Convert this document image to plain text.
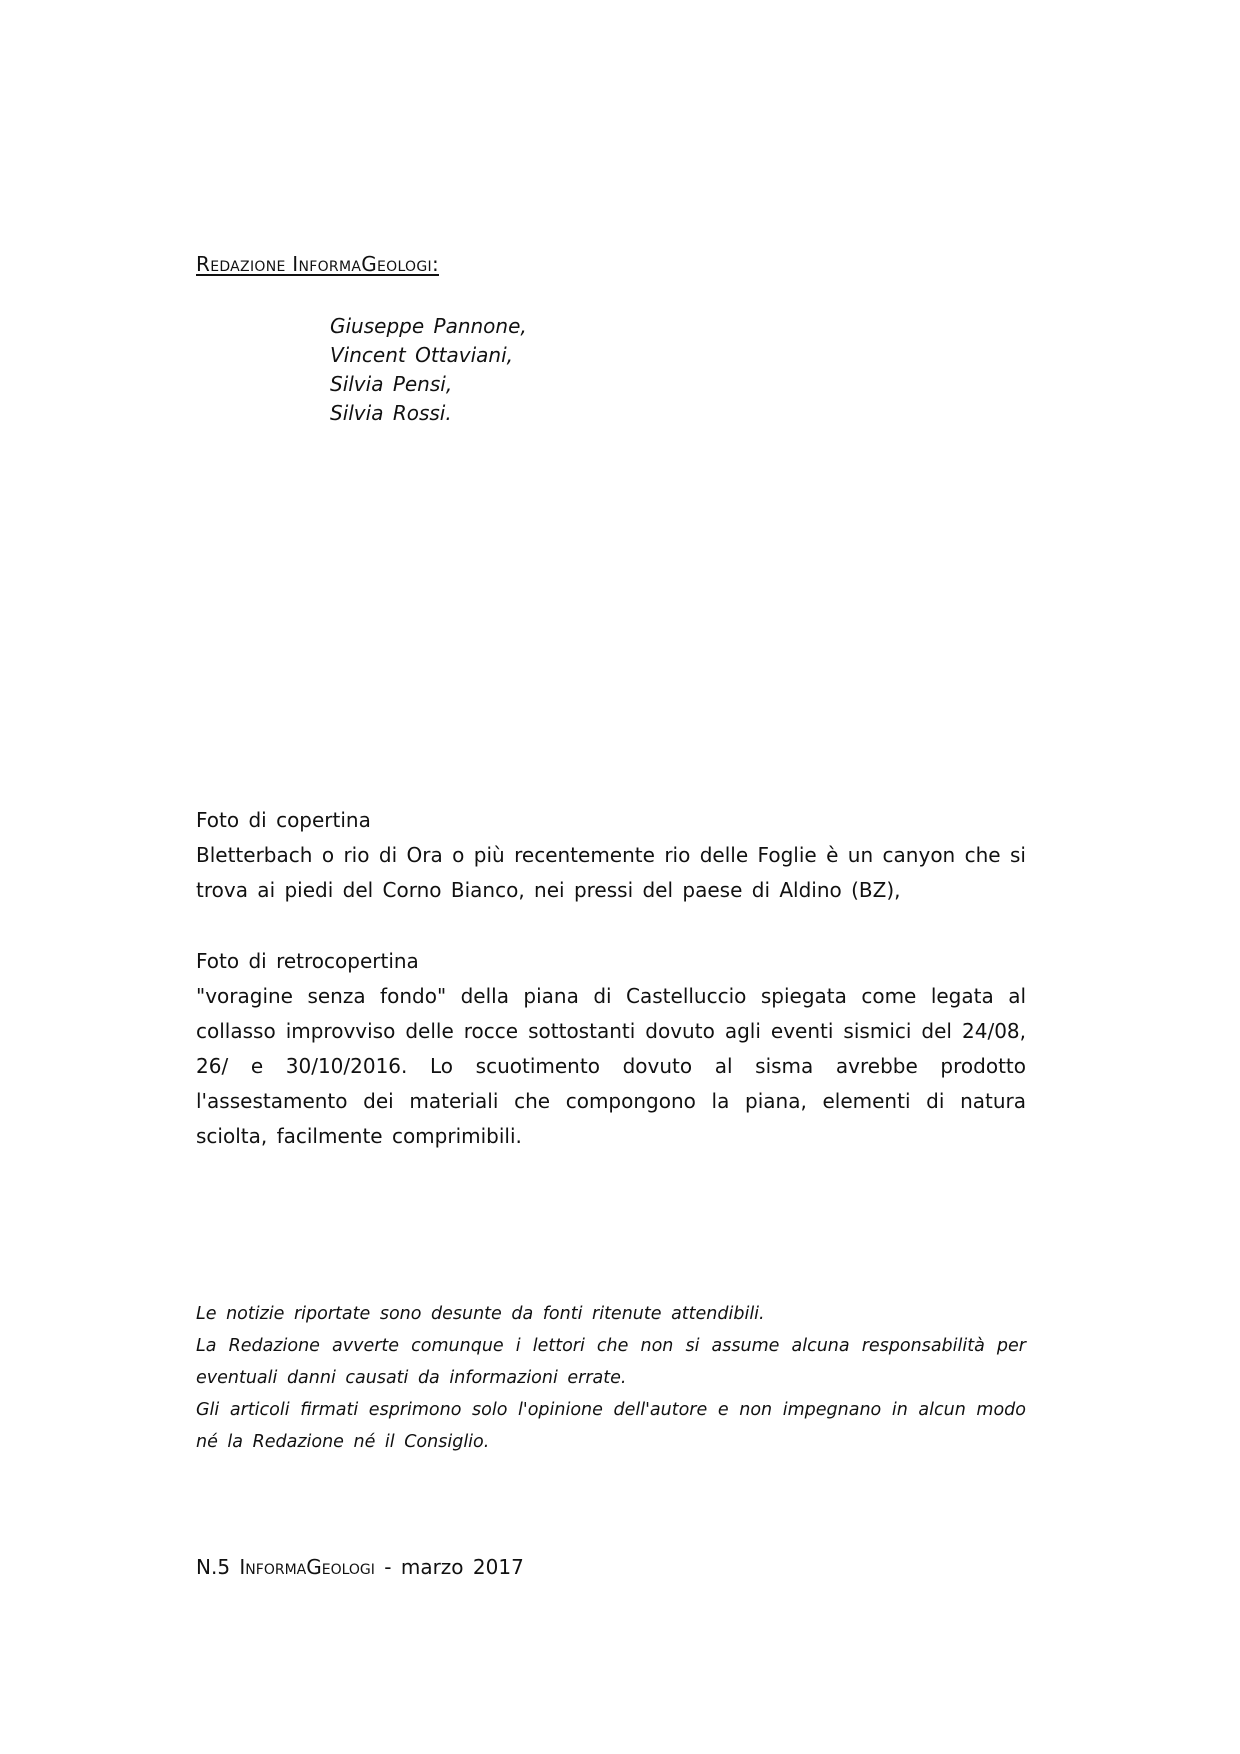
Redazione InformaGeologi:
Giuseppe Pannone,
Vincent Ottaviani,
Silvia Pensi,
Silvia Rossi.

Foto di copertina

Bletterbach o rio di Ora o più recentemente rio delle Foglie è un canyon che si trova ai piedi del Corno Bianco, nei pressi del paese di Aldino (BZ),

Foto di retrocopertina

"voragine senza fondo" della piana di Castelluccio spiegata come legata al collasso improvviso delle rocce sottostanti dovuto agli eventi sismici del 24/08, 26/ e 30/10/2016. Lo scuotimento dovuto al sisma avrebbe prodotto l'assestamento dei materiali che compongono la piana, elementi di natura sciolta, facilmente comprimibili.

Le notizie riportate sono desunte da fonti ritenute attendibili.

La Redazione avverte comunque i lettori che non si assume alcuna responsabilità per eventuali danni causati da informazioni errate.

Gli articoli firmati esprimono solo l'opinione dell'autore e non impegnano in alcun modo né la Redazione né il Consiglio.

N.5 InformaGeologi - marzo 2017
